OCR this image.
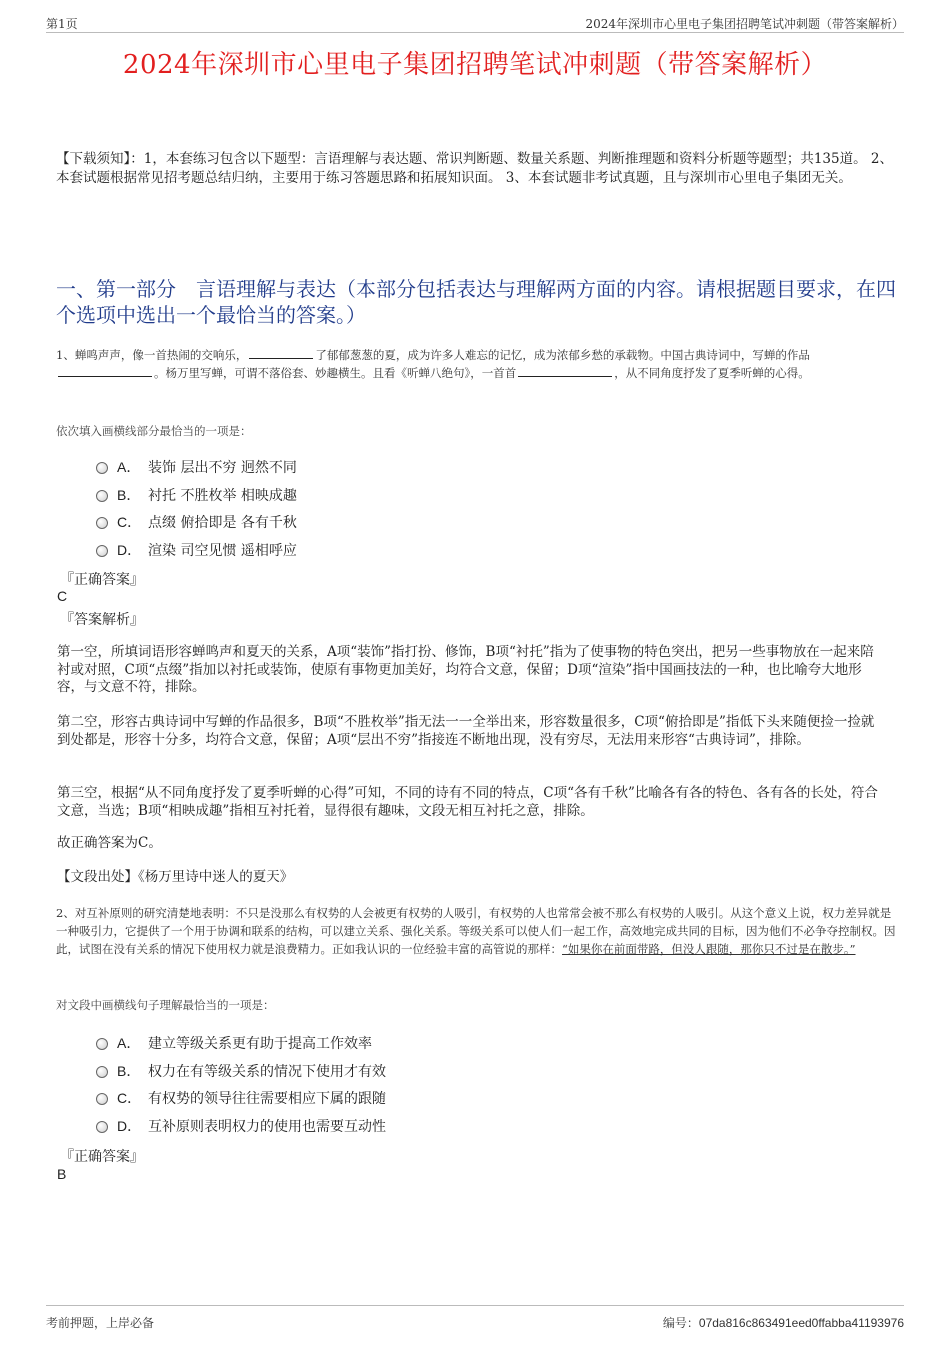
第1页	2024年深圳市心里电子集团招聘笔试冲刺题（带答案解析）
2024年深圳市心里电子集团招聘笔试冲刺题（带答案解析）
【下载须知】：1，本套练习包含以下题型：言语理解与表达题、常识判断题、数量关系题、判断推理题和资料分析题等题型；共135道。 2、本套试题根据常见招考题总结归纳，主要用于练习答题思路和拓展知识面。 3、本套试题非考试真题，且与深圳市心里电子集团无关。
一、第一部分　言语理解与表达（本部分包括表达与理解两方面的内容。请根据题目要求，在四个选项中选出一个最恰当的答案。）
1、蝉鸣声声，像一首热闹的交响乐，	了郁郁葱葱的夏，成为许多人难忘的记忆，成为浓郁乡愁的承载物。中国古典诗词中，写蝉的作品。杨万里写蝉，可谓不落俗套、妙趣横生。且看《听蝉八绝句》，一首首	，从不同角度抒发了夏季听蝉的心得。
依次填入画横线部分最恰当的一项是：
A． 装饰 层出不穷 迥然不同
B． 衬托 不胜枚举 相映成趣
C． 点缀 俯拾即是 各有千秋
D． 渲染 司空见惯 遥相呼应
『正确答案』
C
『答案解析』
第一空，所填词语形容蝉鸣声和夏天的关系，A项“装饰”指打扮、修饰，B项“衬托”指为了使事物的特色突出，把另一些事物放在一起来陪衬或对照，C项“点缀”指加以衬托或装饰，使原有事物更加美好，均符合文意，保留；D项“渲染”指中国画技法的一种，也比喻夸大地形容，与文意不符，排除。
第二空，形容古典诗词中写蝉的作品很多，B项“不胜枚举”指无法一一全举出来，形容数量很多，C项“俯拾即是”指低下头来随便捡一捡就到处都是，形容十分多，均符合文意，保留；A项“层出不穷”指接连不断地出现，没有穷尽，无法用来形容“古典诗词”，排除。
第三空，根据“从不同角度抒发了夏季听蝉的心得”可知，不同的诗有不同的特点，C项“各有千秋”比喻各有各的特色、各有各的长处，符合文意，当选；B项“相映成趣”指相互衬托着，显得很有趣味，文段无相互衬托之意，排除。
故正确答案为C。
【文段出处】《杨万里诗中迷人的夏天》
2、对互补原则的研究清楚地表明：不只是没那么有权势的人会被更有权势的人吸引，有权势的人也常常会被不那么有权势的人吸引。从这个意义上说，权力差异就是一种吸引力，它提供了一个用于协调和联系的结构，可以建立关系、强化关系。等级关系可以使人们一起工作，高效地完成共同的目标，因为他们不必争夺控制权。因此，试图在没有关系的情况下使用权力就是浪费精力。正如我认识的一位经验丰富的高管说的那样：“如果你在前面带路，但没人跟随，那你只不过是在散步。”
对文段中画横线句子理解最恰当的一项是：
A． 建立等级关系更有助于提高工作效率
B． 权力在有等级关系的情况下使用才有效
C． 有权势的领导往往需要相应下属的跟随
D． 互补原则表明权力的使用也需要互动性
『正确答案』
B
考前押题，上岸必备	编号：07da816c863491eed0ffabba41193976
